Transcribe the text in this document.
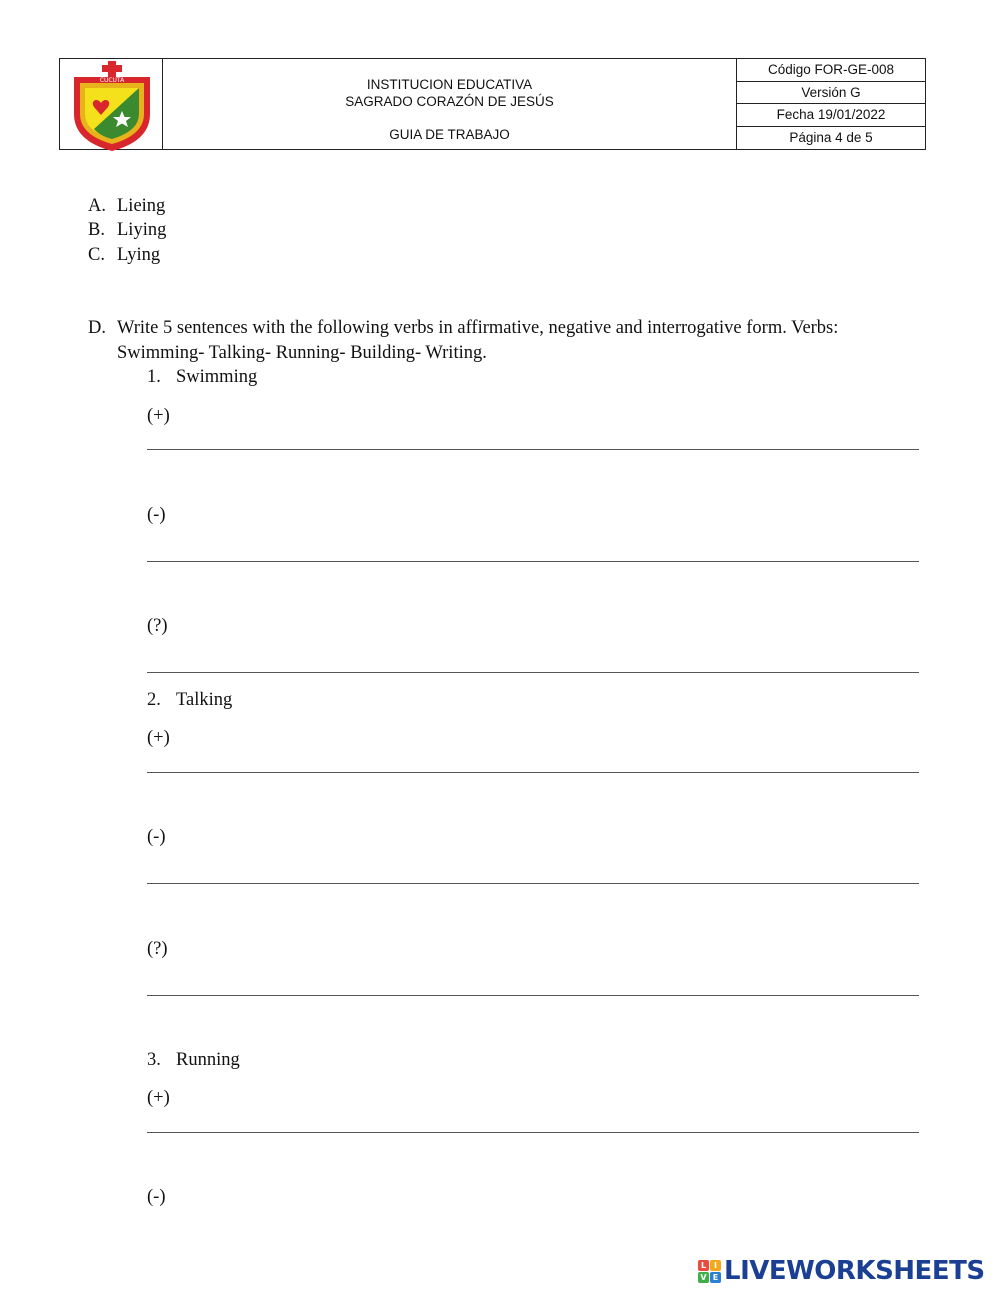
CÚCUTA	INSTITUCION EDUCATIVA
SAGRADO CORAZÓN DE JESÚS
GUIA DE TRABAJO
Código FOR-GE-008
Versión G
Fecha 19/01/2022
Página 4 de 5
A. Lieing
B. Liying
C. Lying
D. Write 5 sentences with the following verbs in affirmative, negative and interrogative form. Verbs:
Swimming- Talking- Running- Building- Writing.
1. Swimming
(+)
(-)
(?)
2. Talking
(+)
(-)
(?)
3. Running
(+)
(-)
L I
V E LIVEWORKSHEETS
